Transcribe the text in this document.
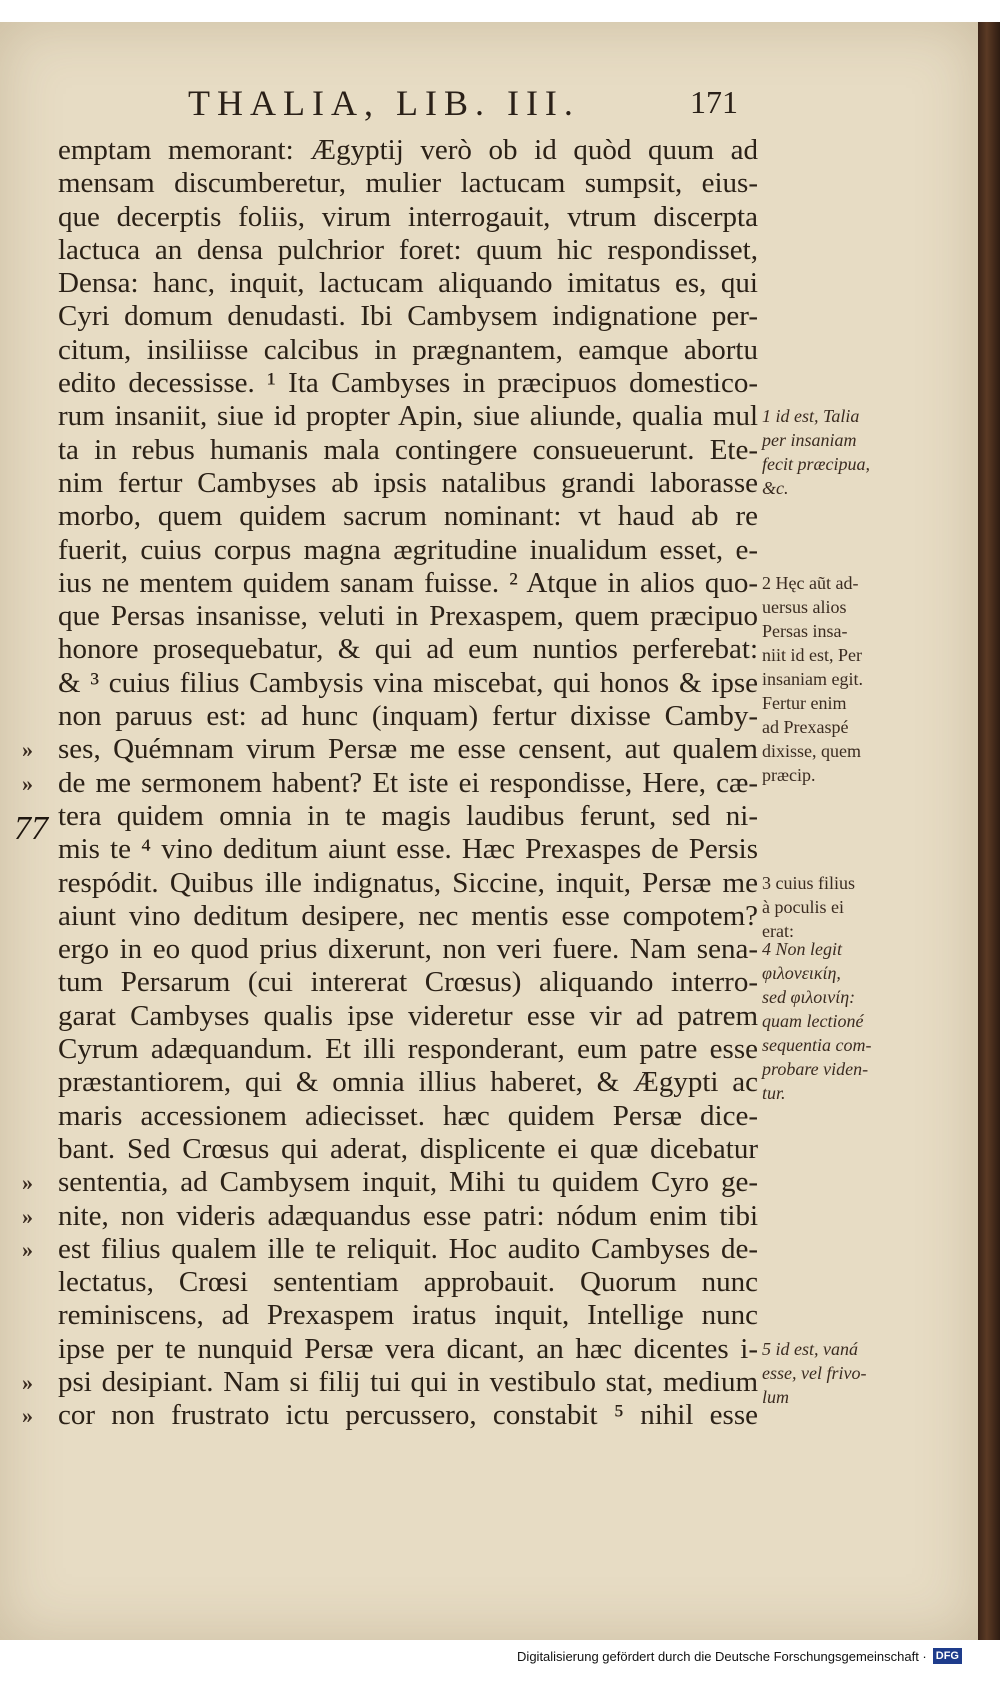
THALIA, LIB. III.	171
emptam memorant: Ægyptij verò ob id quòd quum ad
mensam discumberetur, mulier lactucam sumpsit, eius-
que decerptis foliis, virum interrogauit, vtrum discerpta
lactuca an densa pulchrior foret: quum hic respondisset,
Densa: hanc, inquit, lactucam aliquando imitatus es, qui
Cyri domum denudasti. Ibi Cambysem indignatione per-
citum, insiliisse calcibus in prægnantem, eamque abortu
edito decessisse. ¹ Ita Cambyses in præcipuos domestico-
rum insaniit, siue id propter Apin, siue aliunde, qualia mul
ta in rebus humanis mala contingere consueuerunt. Ete-
nim fertur Cambyses ab ipsis natalibus grandi laborasse
morbo, quem quidem sacrum nominant: vt haud ab re
fuerit, cuius corpus magna ægritudine inualidum esset, e-
ius ne mentem quidem sanam fuisse. ² Atque in alios quo-
que Persas insanisse, veluti in Prexaspem, quem præcipuo
honore prosequebatur, & qui ad eum nuntios perferebat:
& ³ cuius filius Cambysis vina miscebat, qui honos & ipse
non paruus est: ad hunc (inquam) fertur dixisse Camby-
ses, Quémnam virum Persæ me esse censent, aut qualem
de me sermonem habent? Et iste ei respondisse, Here, cæ-
tera quidem omnia in te magis laudibus ferunt, sed ni-
mis te ⁴ vino deditum aiunt esse. Hæc Prexaspes de Persis
respódit. Quibus ille indignatus, Siccine, inquit, Persæ me
aiunt vino deditum desipere, nec mentis esse compotem?
ergo in eo quod prius dixerunt, non veri fuere. Nam sena-
tum Persarum (cui intererat Crœsus) aliquando interro-
garat Cambyses qualis ipse videretur esse vir ad patrem
Cyrum adæquandum. Et illi responderant, eum patre esse
præstantiorem, qui & omnia illius haberet, & Ægypti ac
maris accessionem adiecisset. hæc quidem Persæ dice-
bant. Sed Crœsus qui aderat, displicente ei quæ dicebatur
sententia, ad Cambysem inquit, Mihi tu quidem Cyro ge-
nite, non videris adæquandus esse patri: nódum enim tibi
est filius qualem ille te reliquit. Hoc audito Cambyses de-
lectatus, Crœsi sententiam approbauit. Quorum nunc
reminiscens, ad Prexaspem iratus inquit, Intellige nunc
ipse per te nunquid Persæ vera dicant, an hæc dicentes i-
psi desipiant. Nam si filij tui qui in vestibulo stat, medium
cor non frustrato ictu percussero, constabit ⁵ nihil esse
»
»
»
»
»
»
»
77
1 id est, Talia
per insaniam
fecit præcipua,
&c.
2 Hęc aũt ad-
uersus alios
Persas insa-
niit id est, Per
insaniam egit.
Fertur enim
ad Prexaspé
dixisse, quem
præcip.
3 cuius filius
à poculis ei
erat:
4 Non legit
φιλονεικίη,
sed φιλοινίη:
quam lectioné
sequentia com-
probare viden-
tur.
5 id est, vaná
esse, vel frivo-
lum
Digitalisierung gefördert durch die Deutsche Forschungsgemeinschaft · DFG
